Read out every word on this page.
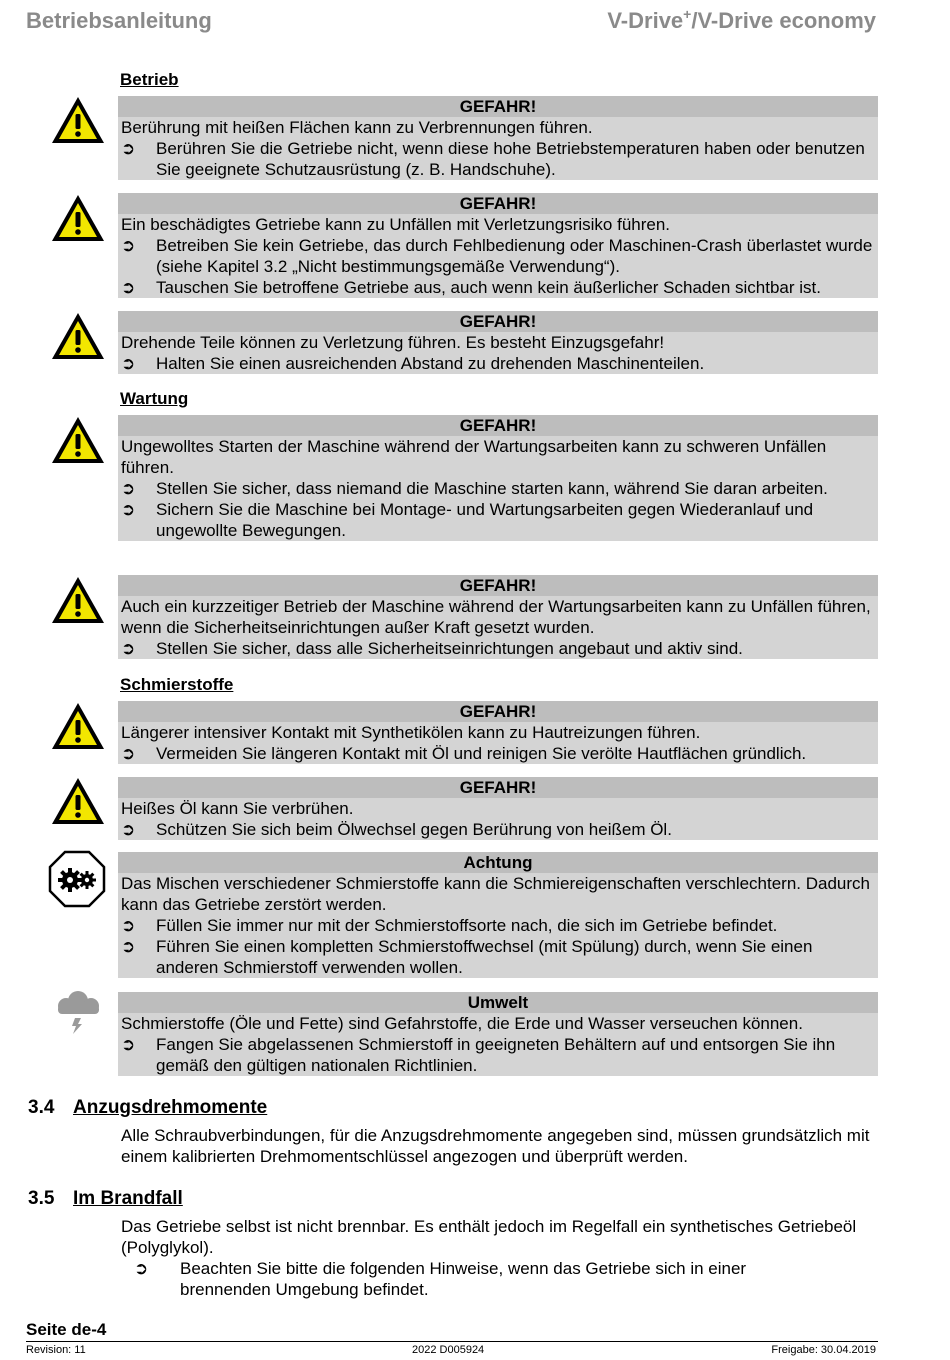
Betriebsanleitung	V-Drive+/V-Drive economy
Betrieb
GEFAHR!
Berührung mit heißen Flächen kann zu Verbrennungen führen.
➲ Berühren Sie die Getriebe nicht, wenn diese hohe Betriebstemperaturen haben oder benutzen Sie geeignete Schutzausrüstung (z. B. Handschuhe).
GEFAHR!
Ein beschädigtes Getriebe kann zu Unfällen mit Verletzungsrisiko führen.
➲ Betreiben Sie kein Getriebe, das durch Fehlbedienung oder Maschinen-Crash überlastet wurde (siehe Kapitel 3.2 „Nicht bestimmungsgemäße Verwendung“).
➲ Tauschen Sie betroffene Getriebe aus, auch wenn kein äußerlicher Schaden sichtbar ist.
GEFAHR!
Drehende Teile können zu Verletzung führen. Es besteht Einzugsgefahr!
➲ Halten Sie einen ausreichenden Abstand zu drehenden Maschinenteilen.
Wartung
GEFAHR!
Ungewolltes Starten der Maschine während der Wartungsarbeiten kann zu schweren Unfällen führen.
➲ Stellen Sie sicher, dass niemand die Maschine starten kann, während Sie daran arbeiten.
➲ Sichern Sie die Maschine bei Montage- und Wartungsarbeiten gegen Wiederanlauf und ungewollte Bewegungen.
GEFAHR!
Auch ein kurzzeitiger Betrieb der Maschine während der Wartungsarbeiten kann zu Unfällen führen, wenn die Sicherheitseinrichtungen außer Kraft gesetzt wurden.
➲ Stellen Sie sicher, dass alle Sicherheitseinrichtungen angebaut und aktiv sind.
Schmierstoffe
GEFAHR!
Längerer intensiver Kontakt mit Synthetikölen kann zu Hautreizungen führen.
➲ Vermeiden Sie längeren Kontakt mit Öl und reinigen Sie verölte Hautflächen gründlich.
GEFAHR!
Heißes Öl kann Sie verbrühen.
➲ Schützen Sie sich beim Ölwechsel gegen Berührung von heißem Öl.
Achtung
Das Mischen verschiedener Schmierstoffe kann die Schmiereigenschaften verschlechtern. Dadurch kann das Getriebe zerstört werden.
➲ Füllen Sie immer nur mit der Schmierstoffsorte nach, die sich im Getriebe befindet.
➲ Führen Sie einen kompletten Schmierstoffwechsel (mit Spülung) durch, wenn Sie einen anderen Schmierstoff verwenden wollen.
Umwelt
Schmierstoffe (Öle und Fette) sind Gefahrstoffe, die Erde und Wasser verseuchen können.
➲ Fangen Sie abgelassenen Schmierstoff in geeigneten Behältern auf und entsorgen Sie ihn gemäß den gültigen nationalen Richtlinien.
3.4 Anzugsdrehmomente
Alle Schraubverbindungen, für die Anzugsdrehmomente angegeben sind, müssen grundsätzlich mit einem kalibrierten Drehmomentschlüssel angezogen und überprüft werden.
3.5 Im Brandfall
Das Getriebe selbst ist nicht brennbar. Es enthält jedoch im Regelfall ein synthetisches Getriebeöl (Polyglykol).
➲	Beachten Sie bitte die folgenden Hinweise, wenn das Getriebe sich in einer brennenden Umgebung befindet.
Seite de-4
Revision: 11	2022 D005924	Freigabe: 30.04.2019
